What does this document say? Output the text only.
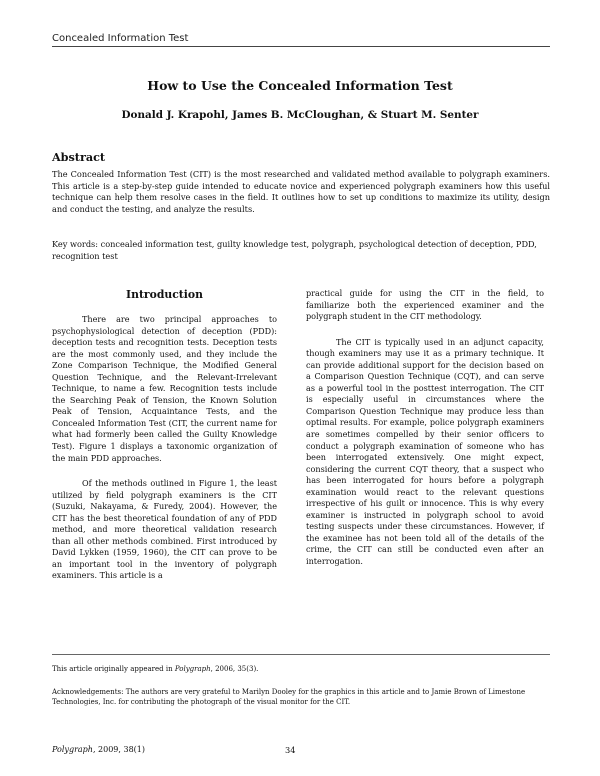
Concealed Information Test
How to Use the Concealed Information Test
Donald J. Krapohl, James B. McCloughan, & Stuart M. Senter
Abstract

The Concealed Information Test (CIT) is the most researched and validated method available to polygraph examiners. This article is a step-by-step guide intended to educate novice and experienced polygraph examiners how this useful technique can help them resolve cases in the field. It outlines how to set up conditions to maximize its utility, design and conduct the testing, and analyze the results.

Key words: concealed information test, guilty knowledge test, polygraph, psychological detection of deception, PDD, recognition test

Introduction

There are two principal approaches to psychophysiological detection of deception (PDD): deception tests and recognition tests. Deception tests are the most commonly used, and they include the Zone Comparison Technique, the Modified General Question Technique, and the Relevant-Irrelevant Technique, to name a few. Recognition tests include the Searching Peak of Tension, the Known Solution Peak of Tension, Acquaintance Tests, and the Concealed Information Test (CIT, the current name for what had formerly been called the Guilty Knowledge Test). Figure 1 displays a taxonomic organization of the main PDD approaches.

Of the methods outlined in Figure 1, the least utilized by field polygraph examiners is the CIT (Suzuki, Nakayama, & Furedy, 2004). However, the CIT has the best theoretical foundation of any of PDD method, and more theoretical validation research than all other methods combined. First introduced by David Lykken (1959, 1960), the CIT can prove to be an important tool in the inventory of polygraph examiners. This article is a

practical guide for using the CIT in the field, to familiarize both the experienced examiner and the polygraph student in the CIT methodology.

The CIT is typically used in an adjunct capacity, though examiners may use it as a primary technique. It can provide additional support for the decision based on a Comparison Question Technique (CQT), and can serve as a powerful tool in the posttest interrogation. The CIT is especially useful in circumstances where the Comparison Question Technique may produce less than optimal results. For example, police polygraph examiners are sometimes compelled by their senior officers to conduct a polygraph examination of someone who has been interrogated extensively. One might expect, considering the current CQT theory, that a suspect who has been interrogated for hours before a polygraph examination would react to the relevant questions irrespective of his guilt or innocence. This is why every examiner is instructed in polygraph school to avoid testing suspects under these circumstances. However, if the examinee has not been told all of the details of the crime, the CIT can still be conducted even after an interrogation.

This article originally appeared in Polygraph, 2006, 35(3).

Acknowledgements: The authors are very grateful to Marilyn Dooley for the graphics in this article and to Jamie Brown of Limestone Technologies, Inc. for contributing the photograph of the visual monitor for the CIT.

Polygraph, 2009, 38(1)	34
